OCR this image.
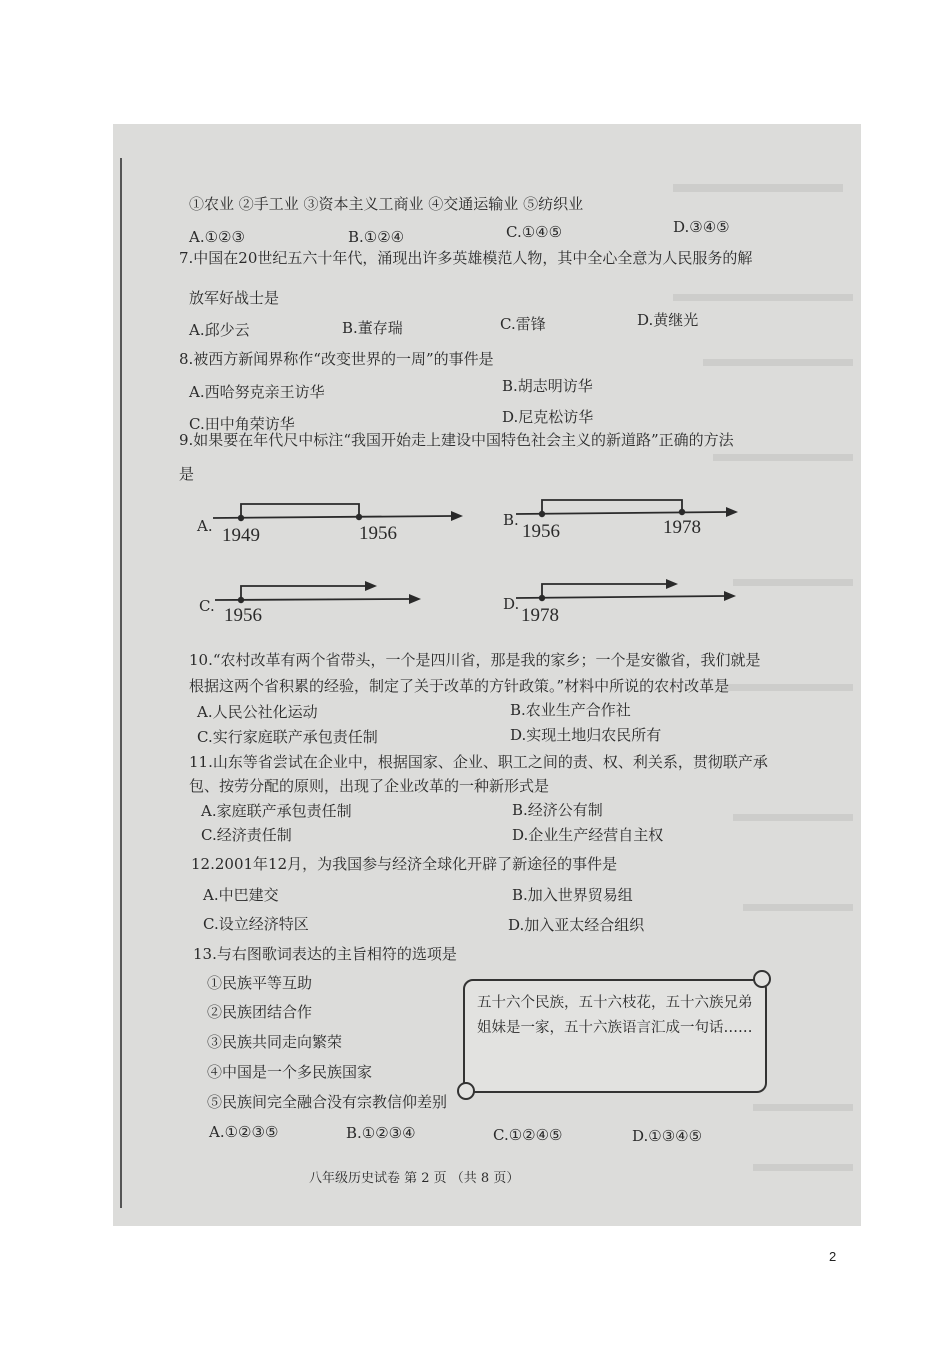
①农业 ②手工业 ③资本主义工商业 ④交通运输业 ⑤纺织业
A.①②③	B.①②④	C.①④⑤	D.③④⑤
7.中国在20世纪五六十年代，涌现出许多英雄模范人物，其中全心全意为人民服务的解
放军好战士是
A.邱少云	B.董存瑞	C.雷锋	D.黄继光
8.被西方新闻界称作“改变世界的一周”的事件是
A.西哈努克亲王访华	B.胡志明访华
C.田中角荣访华	D.尼克松访华
9.如果要在年代尺中标注“我国开始走上建设中国特色社会主义的新道路”正确的方法
是
A. 1949	1956
B.
1956	1978
C. 1956
D.
1978
10.“农村改革有两个省带头，一个是四川省，那是我的家乡；一个是安徽省，我们就是
根据这两个省积累的经验，制定了关于改革的方针政策。”材料中所说的农村改革是
A.人民公社化运动	B.农业生产合作社
C.实行家庭联产承包责任制	D.实现土地归农民所有
11.山东等省尝试在企业中，根据国家、企业、职工之间的责、权、利关系，贯彻联产承
包、按劳分配的原则，出现了企业改革的一种新形式是
A.家庭联产承包责任制	B.经济公有制
C.经济责任制	D.企业生产经营自主权
12.2001年12月，为我国参与经济全球化开辟了新途径的事件是
A.中巴建交	B.加入世界贸易组
C.设立经济特区	D.加入亚太经合组织
13.与右图歌词表达的主旨相符的选项是
①民族平等互助
②民族团结合作
③民族共同走向繁荣
④中国是一个多民族国家
⑤民族间完全融合没有宗教信仰差别
A.①②③⑤	B.①②③④	C.①②④⑤	D.①③④⑤
五十六个民族，五十六枝花，五十六族兄弟姐妹是一家，五十六族语言汇成一句话……
八年级历史试卷 第 2 页 （共 8 页）
2
